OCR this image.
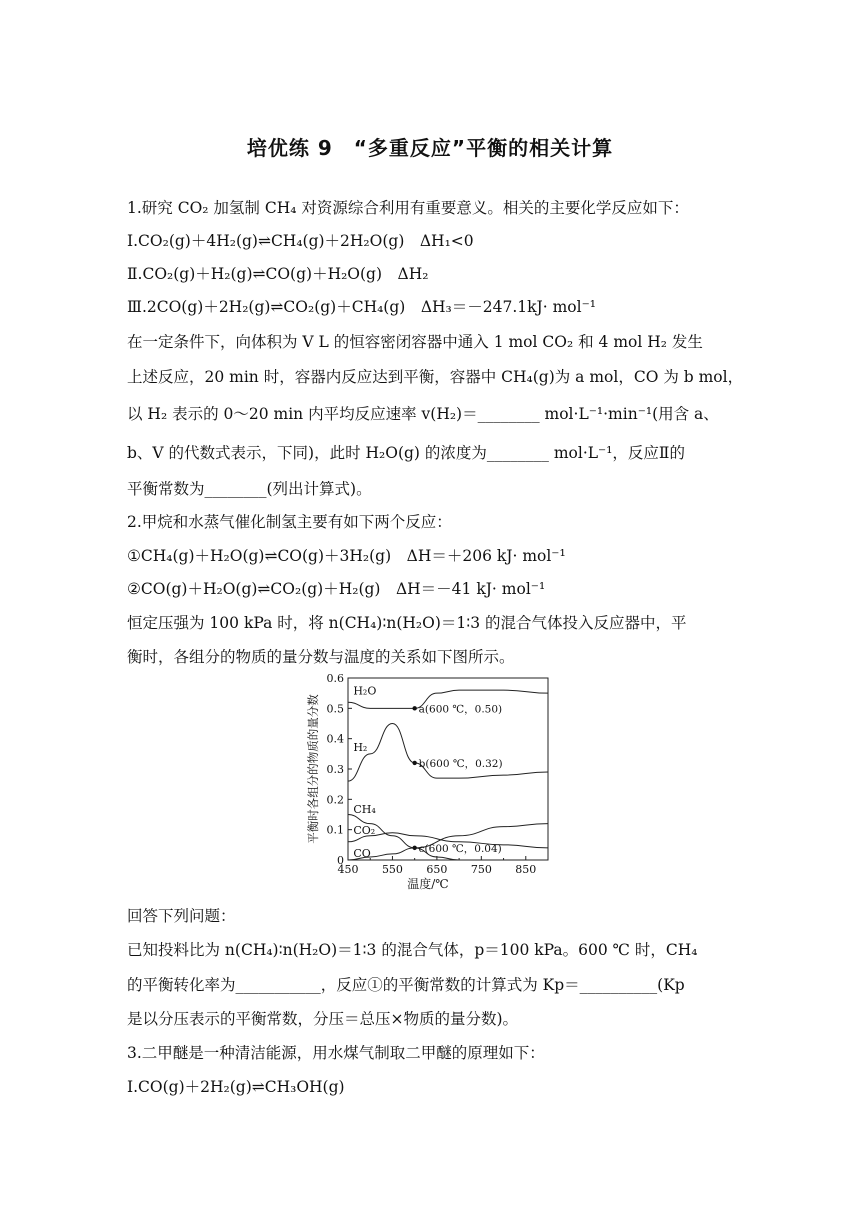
培优练 9　“多重反应”平衡的相关计算
1.研究 CO₂ 加氢制 CH₄ 对资源综合利用有重要意义。相关的主要化学反应如下：
Ⅰ.CO₂(g)＋4H₂(g)⇌CH₄(g)＋2H₂O(g)　ΔH₁<0
Ⅱ.CO₂(g)＋H₂(g)⇌CO(g)＋H₂O(g)　ΔH₂
Ⅲ.2CO(g)＋2H₂(g)⇌CO₂(g)＋CH₄(g)　ΔH₃＝－247.1kJ· mol⁻¹
在一定条件下，向体积为 V L 的恒容密闭容器中通入 1 mol CO₂ 和 4 mol H₂ 发生
上述反应，20 min 时，容器内反应达到平衡，容器中 CH₄(g)为 a mol，CO 为 b mol，
以 H₂ 表示的 0～20 min 内平均反应速率 v(H₂)＝________ mol·L⁻¹·min⁻¹(用含 a、
b、V 的代数式表示，下同)，此时 H₂O(g) 的浓度为________ mol·L⁻¹，反应Ⅱ的
平衡常数为________(列出计算式)。
2.甲烷和水蒸气催化制氢主要有如下两个反应：
①CH₄(g)＋H₂O(g)⇌CO(g)＋3H₂(g)　ΔH＝＋206 kJ· mol⁻¹
②CO(g)＋H₂O(g)⇌CO₂(g)＋H₂(g)　ΔH＝－41 kJ· mol⁻¹
恒定压强为 100 kPa 时，将 n(CH₄)∶n(H₂O)＝1∶3 的混合气体投入反应器中，平
衡时，各组分的物质的量分数与温度的关系如下图所示。
0
0.1
0.2
0.3
0.4
0.5
0.6
450 550 650 750 850
温度/℃
平衡时各组分的物质的量分数
H₂O
H₂
CH₄
CO₂
CO
a(600 ℃，0.50)
b(600 ℃，0.32)
c(600 ℃，0.04)
回答下列问题：
已知投料比为 n(CH₄)∶n(H₂O)＝1∶3 的混合气体，p＝100 kPa。600 ℃ 时，CH₄
的平衡转化率为___________，反应①的平衡常数的计算式为 Kp＝__________(Kp
是以分压表示的平衡常数，分压＝总压×物质的量分数)。
3.二甲醚是一种清洁能源，用水煤气制取二甲醚的原理如下：
Ⅰ.CO(g)＋2H₂(g)⇌CH₃OH(g)
